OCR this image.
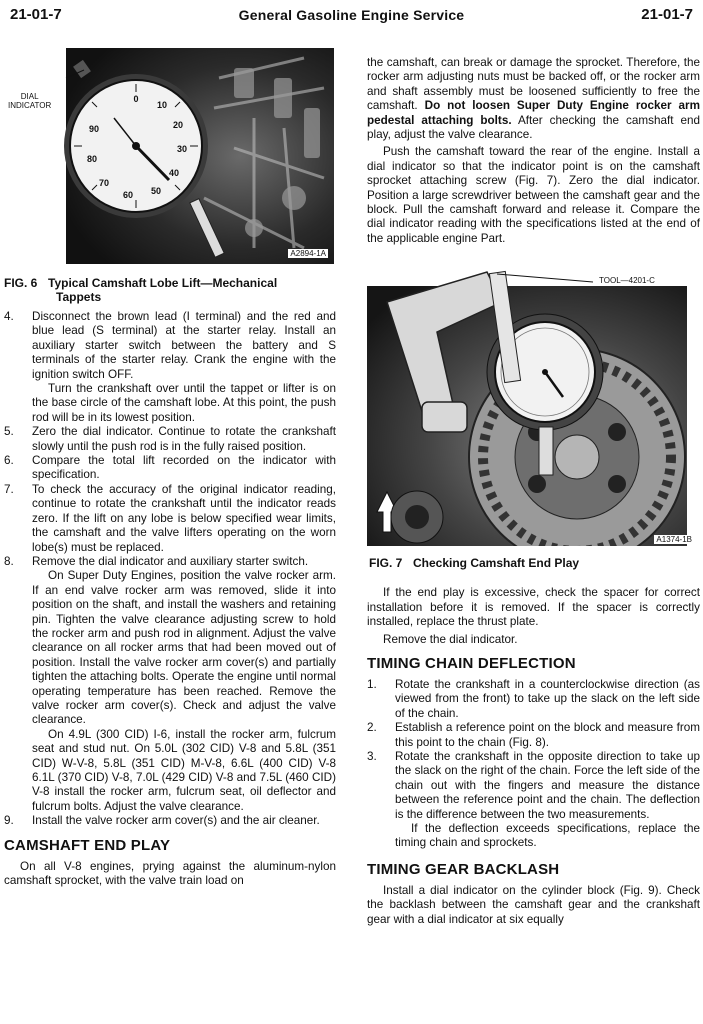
21-01-7	General Gasoline Engine Service	21-01-7
0
10
20
30
40
50
60
70
80
90
DIAL
INDICATOR
A2894-1A
FIG. 6 Typical Camshaft Lobe Lift—Mechanical
Tappets
4. Disconnect the brown lead (I terminal) and the red and blue lead (S terminal) at the starter relay. Install an auxiliary starter switch between the battery and S terminals of the starter relay. Crank the engine with the ignition switch OFF.
Turn the crankshaft over until the tappet or lifter is on the base circle of the camshaft lobe. At this point, the push rod will be in its lowest position.
5. Zero the dial indicator. Continue to rotate the crankshaft slowly until the push rod is in the fully raised position.
6. Compare the total lift recorded on the indicator with specification.
7. To check the accuracy of the original indicator reading, continue to rotate the crankshaft until the indicator reads zero. If the lift on any lobe is below specified wear limits, the camshaft and the valve lifters operating on the worn lobe(s) must be replaced.
8. Remove the dial indicator and auxiliary starter switch.

On Super Duty Engines, position the valve rocker arm. If an end valve rocker arm was removed, slide it into position on the shaft, and install the washers and retaining pin. Tighten the valve clearance adjusting screw to hold the rocker arm and push rod in alignment. Adjust the valve clearance on all rocker arms that had been moved out of position. Install the valve rocker arm cover(s) and partially tighten the attaching bolts. Operate the engine until normal operating temperature has been reached. Remove the valve rocker arm cover(s). Check and adjust the valve clearance.

On 4.9L (300 CID) I-6, install the rocker arm, fulcrum seat and stud nut. On 5.0L (302 CID) V-8 and 5.8L (351 CID) W-V-8, 5.8L (351 CID) M-V-8, 6.6L (400 CID) V-8 6.1L (370 CID) V-8, 7.0L (429 CID) V-8 and 7.5L (460 CID) V-8 install the rocker arm, fulcrum seat, oil deflector and fulcrum bolts. Adjust the valve clearance.

9. Install the valve rocker arm cover(s) and the air cleaner.
CAMSHAFT END PLAY

On all V-8 engines, prying against the aluminum-nylon camshaft sprocket, with the valve train load on

the camshaft, can break or damage the sprocket. Therefore, the rocker arm adjusting nuts must be backed off, or the rocker arm and shaft assembly must be loosened sufficiently to free the camshaft. Do not loosen Super Duty Engine rocker arm pedestal attaching bolts. After checking the camshaft end play, adjust the valve clearance.

Push the camshaft toward the rear of the engine. Install a dial indicator so that the indicator point is on the camshaft sprocket attaching screw (Fig. 7). Zero the dial indicator. Position a large screwdriver between the camshaft gear and the block. Pull the camshaft forward and release it. Compare the dial indicator reading with the specifications listed at the end of the applicable engine Part.

TOOL—4201-C
A1374-1B
FIG. 7 Checking Camshaft End Play

If the end play is excessive, check the spacer for correct installation before it is removed. If the spacer is correctly installed, replace the thrust plate.

Remove the dial indicator.

TIMING CHAIN DEFLECTION
1. Rotate the crankshaft in a counterclockwise direction (as viewed from the front) to take up the slack on the left side of the chain.
2. Establish a reference point on the block and measure from this point to the chain (Fig. 8).
3. Rotate the crankshaft in the opposite direction to take up the slack on the right of the chain. Force the left side of the chain out with the fingers and measure the distance between the reference point and the chain. The deflection is the difference between the two measurements.

If the deflection exceeds specifications, replace the timing chain and sprockets.

TIMING GEAR BACKLASH

Install a dial indicator on the cylinder block (Fig. 9). Check the backlash between the camshaft gear and the crankshaft gear with a dial indicator at six equally
